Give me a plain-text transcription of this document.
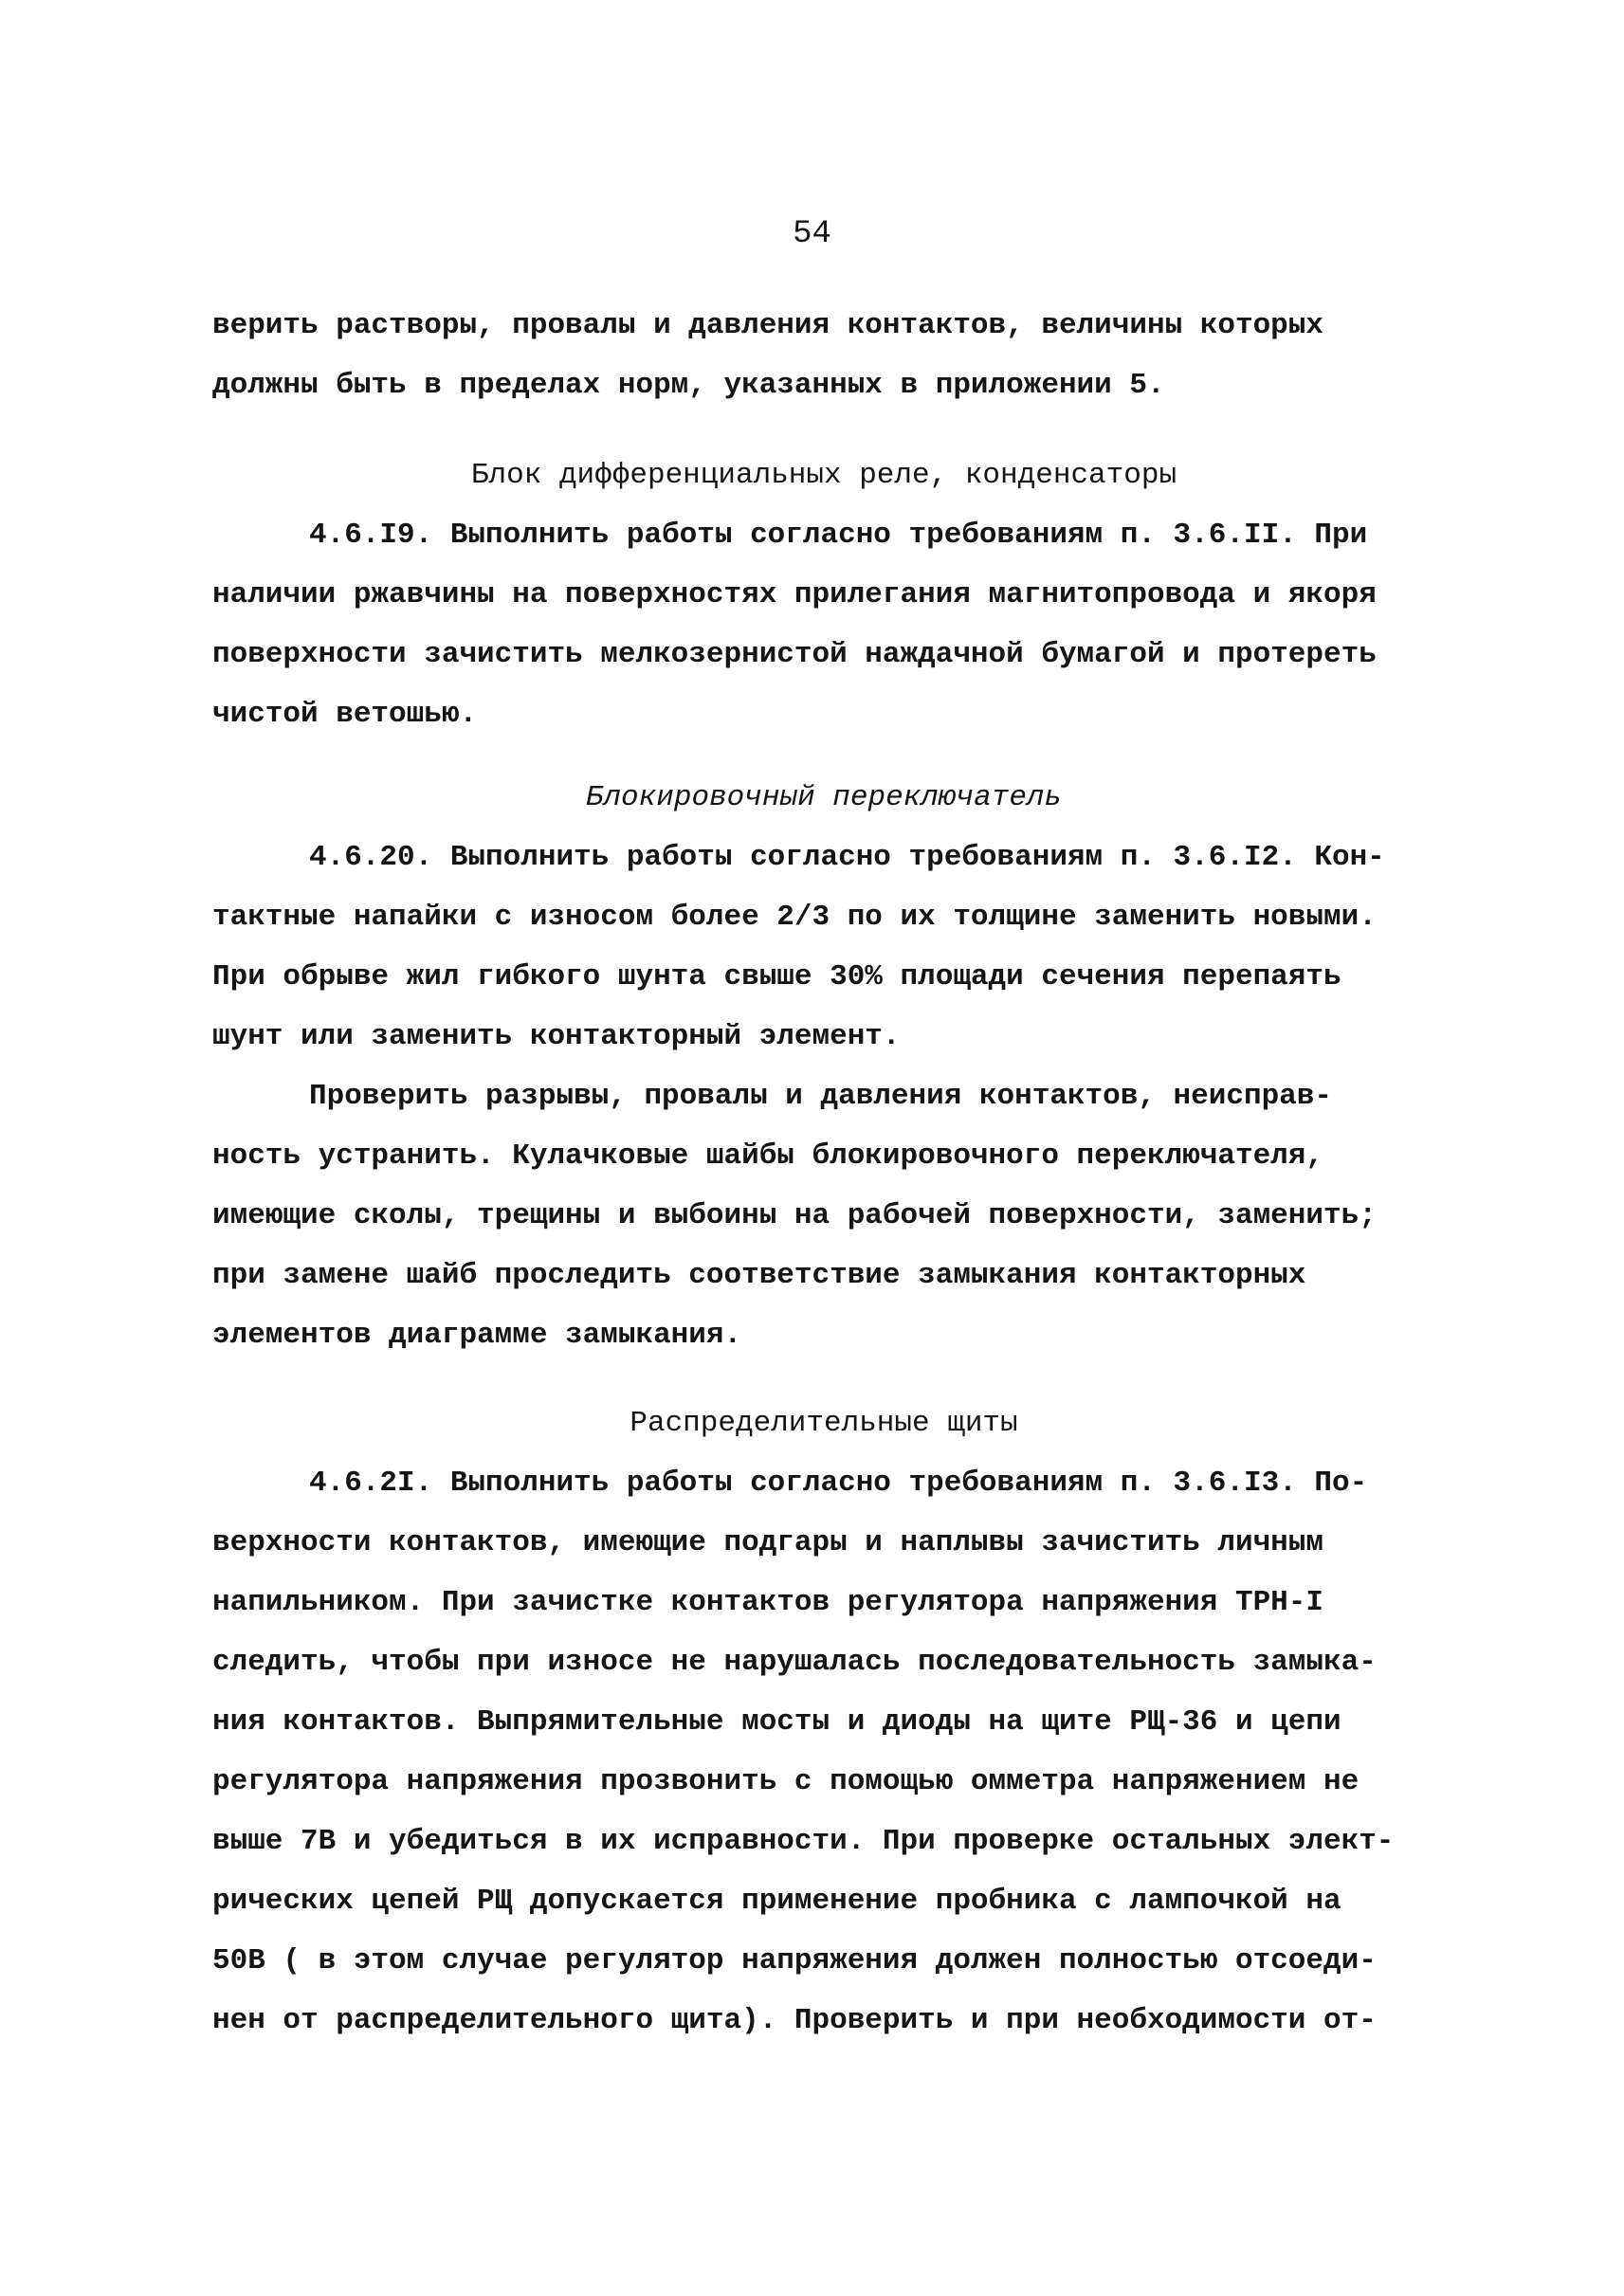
54
верить растворы, провалы и давления контактов, величины которых
должны быть в пределах норм, указанных в приложении 5.
Блок дифференциальных реле, конденсаторы
4.6.I9. Выполнить работы согласно требованиям п. 3.6.II. При
наличии ржавчины на поверхностях прилегания магнитопровода и якоря
поверхности зачистить мелкозернистой наждачной бумагой и протереть
чистой ветошью.
Блокировочный переключатель
4.6.20. Выполнить работы согласно требованиям п. 3.6.I2. Кон-
тактные напайки с износом более 2/3 по их толщине заменить новыми.
При обрыве жил гибкого шунта свыше 30% площади сечения перепаять
шунт или заменить контакторный элемент.
Проверить разрывы, провалы и давления контактов, неисправ-
ность устранить. Кулачковые шайбы блокировочного переключателя,
имеющие сколы, трещины и выбоины на рабочей поверхности, заменить;
при замене шайб проследить соответствие замыкания контакторных
элементов диаграмме замыкания.
Распределительные щиты
4.6.2I. Выполнить работы согласно требованиям п. 3.6.I3. По-
верхности контактов, имеющие подгары и наплывы зачистить личным
напильником. При зачистке контактов регулятора напряжения ТРН-I
следить, чтобы при износе не нарушалась последовательность замыка-
ния контактов. Выпрямительные мосты и диоды на щите РЩ-36 и цепи
регулятора напряжения прозвонить с помощью омметра напряжением не
выше 7В и убедиться в их исправности. При проверке остальных элект-
рических цепей РЩ допускается применение пробника с лампочкой на
50В ( в этом случае регулятор напряжения должен полностью отсоеди-
нен от распределительного щита). Проверить и при необходимости от-
